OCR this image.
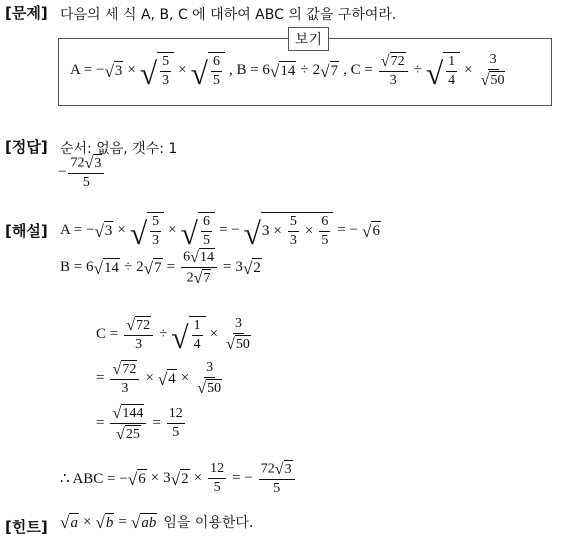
[문제] 다음의 세 식 A, B, C 에 대하여 ABC 의 값을 구하여라.
보기
A = − √ 3 × √ $\frac{5}{3}$ × √ $\frac{6}{5}$ , B = 6 √ 14 ÷ 2 √ 7 , $C = \frac{√ 72}{3}$ ÷ √ $\frac{1}{4} \times \frac{3}{√ 50}$
[정답] 순서: 없음, 갯수: 1
− $\frac{72 √ 3}{5}$
[해설] A = − √ 3 × √ $\frac{5}{3}$ × √ $\frac{6}{5}$ = − √ $3 \times \frac{5}{3} \times \frac{6}{5}$ = − √ 6
B = 6 √ 14 ÷ 2 √ $7 = \frac{6 √ 14}{2 √ 7} = 3$ √ 2
$C = \frac{√ 72}{3}$ ÷ √ $\frac{1}{4} \times \frac{3}{√ 50}$
= $\frac{√ 72}{3}$ × √ $4 \times \frac{3}{√ 50}$
= $\frac{√ 144}{√ 25} = \frac{12}{5}$
∴ ABC = − √ 6 × 3 √ $2 \times \frac{12}{5}$ = − $\frac{72 √ 3}{5}$
[힌트] √ a × √ b = √ ab 임을 이용한다.
